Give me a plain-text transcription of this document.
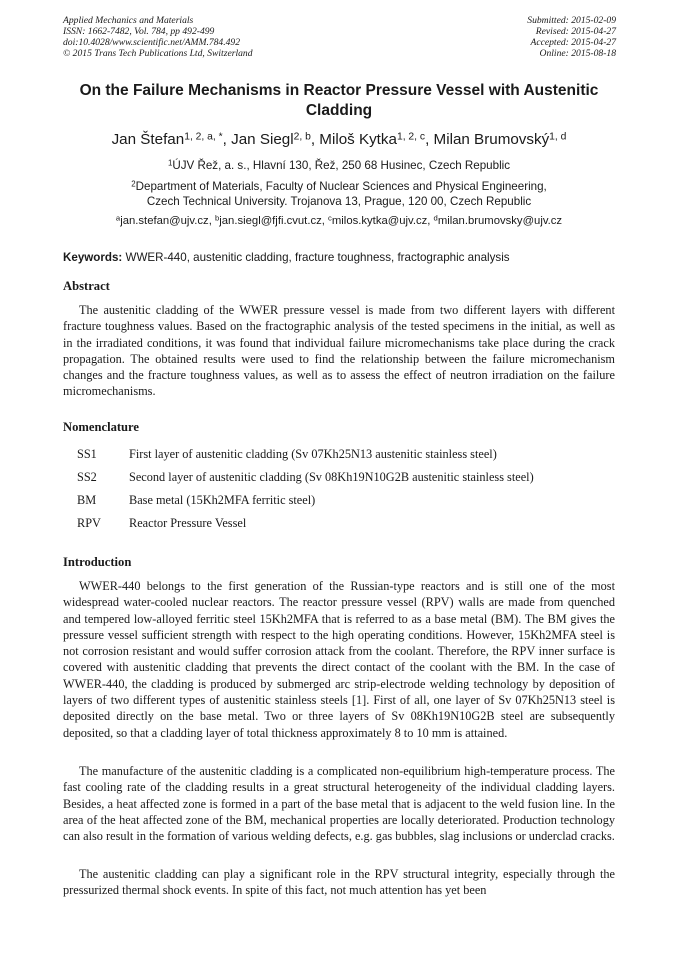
Applied Mechanics and Materials
ISSN: 1662-7482, Vol. 784, pp 492-499
doi:10.4028/www.scientific.net/AMM.784.492
© 2015 Trans Tech Publications Ltd, Switzerland
Submitted: 2015-02-09
Revised: 2015-04-27
Accepted: 2015-04-27
Online: 2015-08-18
On the Failure Mechanisms in Reactor Pressure Vessel with Austenitic Cladding
Jan Štefan$^{1, 2, a, *}$, Jan Siegl$^{2, b}$, Miloš Kytka$^{1, 2, c}$, Milan Brumovský$^{1, d}$
$^1$ÚJV Řež, a. s., Hlavní 130, Řež, 250 68 Husinec, Czech Republic
$^2$Department of Materials, Faculty of Nuclear Sciences and Physical Engineering,
Czech Technical University. Trojanova 13, Prague, 120 00, Czech Republic
$^a$jan.stefan@ujv.cz, $^b$jan.siegl@fjfi.cvut.cz, $^c$milos.kytka@ujv.cz, $^d$milan.brumovsky@ujv.cz
Keywords: WWER-440, austenitic cladding, fracture toughness, fractographic analysis
Abstract

The austenitic cladding of the WWER pressure vessel is made from two different layers with different fracture toughness values. Based on the fractographic analysis of the tested specimens in the initial, as well as in the irradiated conditions, it was found that individual failure micromechanisms take place during the crack propagation. The obtained results were used to find the relationship between the failure micromechanism changes and the fracture toughness values, as well as to assess the effect of neutron irradiation on the failure micromechanisms.

Nomenclature
SS1	First layer of austenitic cladding (Sv 07Kh25N13 austenitic stainless steel)
SS2	Second layer of austenitic cladding (Sv 08Kh19N10G2B austenitic stainless steel)
BM	Base metal (15Kh2MFA ferritic steel)
RPV	Reactor Pressure Vessel
Introduction

WWER-440 belongs to the first generation of the Russian-type reactors and is still one of the most widespread water-cooled nuclear reactors. The reactor pressure vessel (RPV) walls are made from quenched and tempered low-alloyed ferritic steel 15Kh2MFA that is referred to as a base metal (BM). The BM gives the pressure vessel sufficient strength with respect to the high operating conditions. However, 15Kh2MFA steel is not corrosion resistant and would suffer corrosion attack from the coolant. Therefore, the RPV inner surface is covered with austenitic cladding that prevents the direct contact of the coolant with the BM. In the case of WWER-440, the cladding is produced by submerged arc strip-electrode welding technology by deposition of layers of two different types of austenitic stainless steels [1]. First of all, one layer of Sv 07Kh25N13 steel is deposited directly on the base metal. Two or three layers of Sv 08Kh19N10G2B steel are subsequently deposited, so that a cladding layer of total thickness approximately 8 to 10 mm is attained.

The manufacture of the austenitic cladding is a complicated non-equilibrium high-temperature process. The fast cooling rate of the cladding results in a great structural heterogeneity of the individual cladding layers. Besides, a heat affected zone is formed in a part of the base metal that is adjacent to the weld fusion line. In the area of the heat affected zone of the BM, mechanical properties are locally deteriorated. Production technology can also result in the formation of various welding defects, e.g. gas bubbles, slag inclusions or underclad cracks.

The austenitic cladding can play a significant role in the RPV structural integrity, especially through the pressurized thermal shock events. In spite of this fact, not much attention has yet been
